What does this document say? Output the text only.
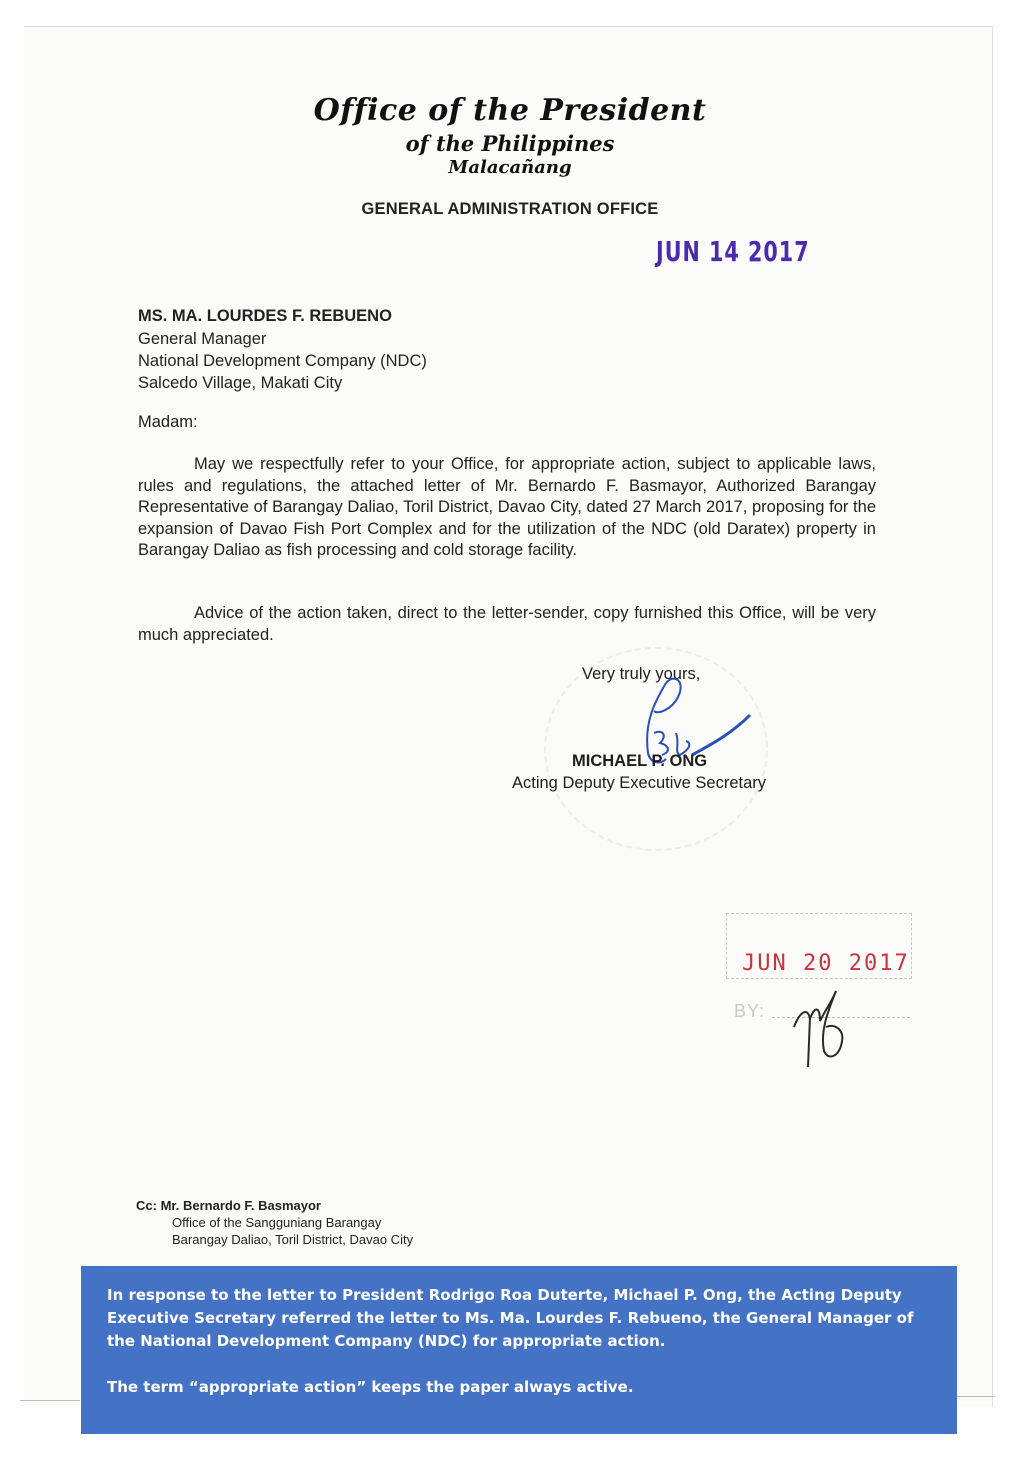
Office of the President
of the Philippines
Malacañang
GENERAL ADMINISTRATION OFFICE
JUN 14 2017
MS. MA. LOURDES F. REBUENO
General Manager
National Development Company (NDC)
Salcedo Village, Makati City
Madam:
May we respectfully refer to your Office, for appropriate action, subject to applicable laws, rules and regulations, the attached letter of Mr. Bernardo F. Basmayor, Authorized Barangay Representative of Barangay Daliao, Toril District, Davao City, dated 27 March 2017, proposing for the expansion of Davao Fish Port Complex and for the utilization of the NDC (old Daratex) property in Barangay Daliao as fish processing and cold storage facility.
Advice of the action taken, direct to the letter-sender, copy furnished this Office, will be very much appreciated.
Very truly yours,
MICHAEL P. ONG
Acting Deputy Executive Secretary
JUN 20 2017
BY:
Cc: Mr. Bernardo F. Basmayor
Office of the Sangguniang Barangay
Barangay Daliao, Toril District, Davao City

In response to the letter to President Rodrigo Roa Duterte, Michael P. Ong, the Acting Deputy Executive Secretary referred the letter to Ms. Ma. Lourdes F. Rebueno, the General Manager of the National Development Company (NDC) for appropriate action.

The term “appropriate action” keeps the paper always active.
